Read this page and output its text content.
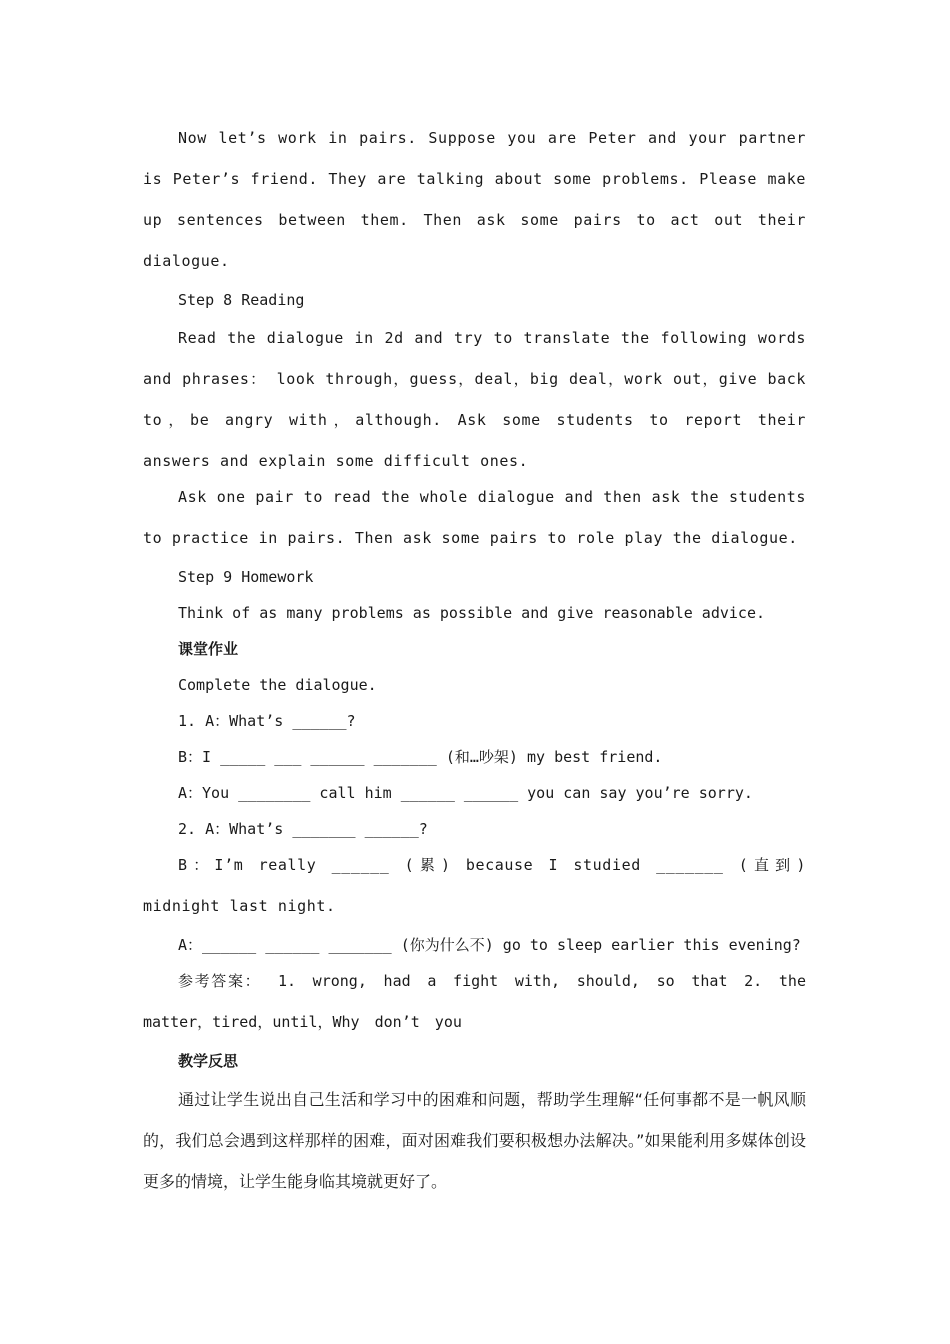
Now let’s work in pairs. Suppose you are Peter and your partner is Peter’s friend. They are talking about some problems. Please make up sentences between them. Then ask some pairs to act out their dialogue.

Step 8 Reading

Read the dialogue in 2d and try to translate the following words and phrases： look through，guess，deal，big deal，work out，give back to，be angry with，although. Ask some students to report their answers and explain some difficult ones.

Ask one pair to read the whole dialogue and then ask the students to practice in pairs. Then ask some pairs to role play the dialogue.

Step 9 Homework
Think of as many problems as possible and give reasonable advice.
课堂作业
Complete the dialogue.
1. A：What’s ______?
B：I _____ ___ ______ _______ (和…吵架) my best friend.
A：You ________ call him ______ ______ you can say you’re sorry.
2. A：What’s _______ ______?

B：I’m really ______ (累) because I studied _______ (直到) midnight last night.

A：______ ______ _______ (你为什么不) go to sleep earlier this evening?

参考答案： 1. wrong, had a fight with, should, so that 2. the matter，tired，until，Why don’t you

教学反思

通过让学生说出自己生活和学习中的困难和问题，帮助学生理解“任何事都不是一帆风顺的，我们总会遇到这样那样的困难，面对困难我们要积极想办法解决。”如果能利用多媒体创设更多的情境，让学生能身临其境就更好了。
